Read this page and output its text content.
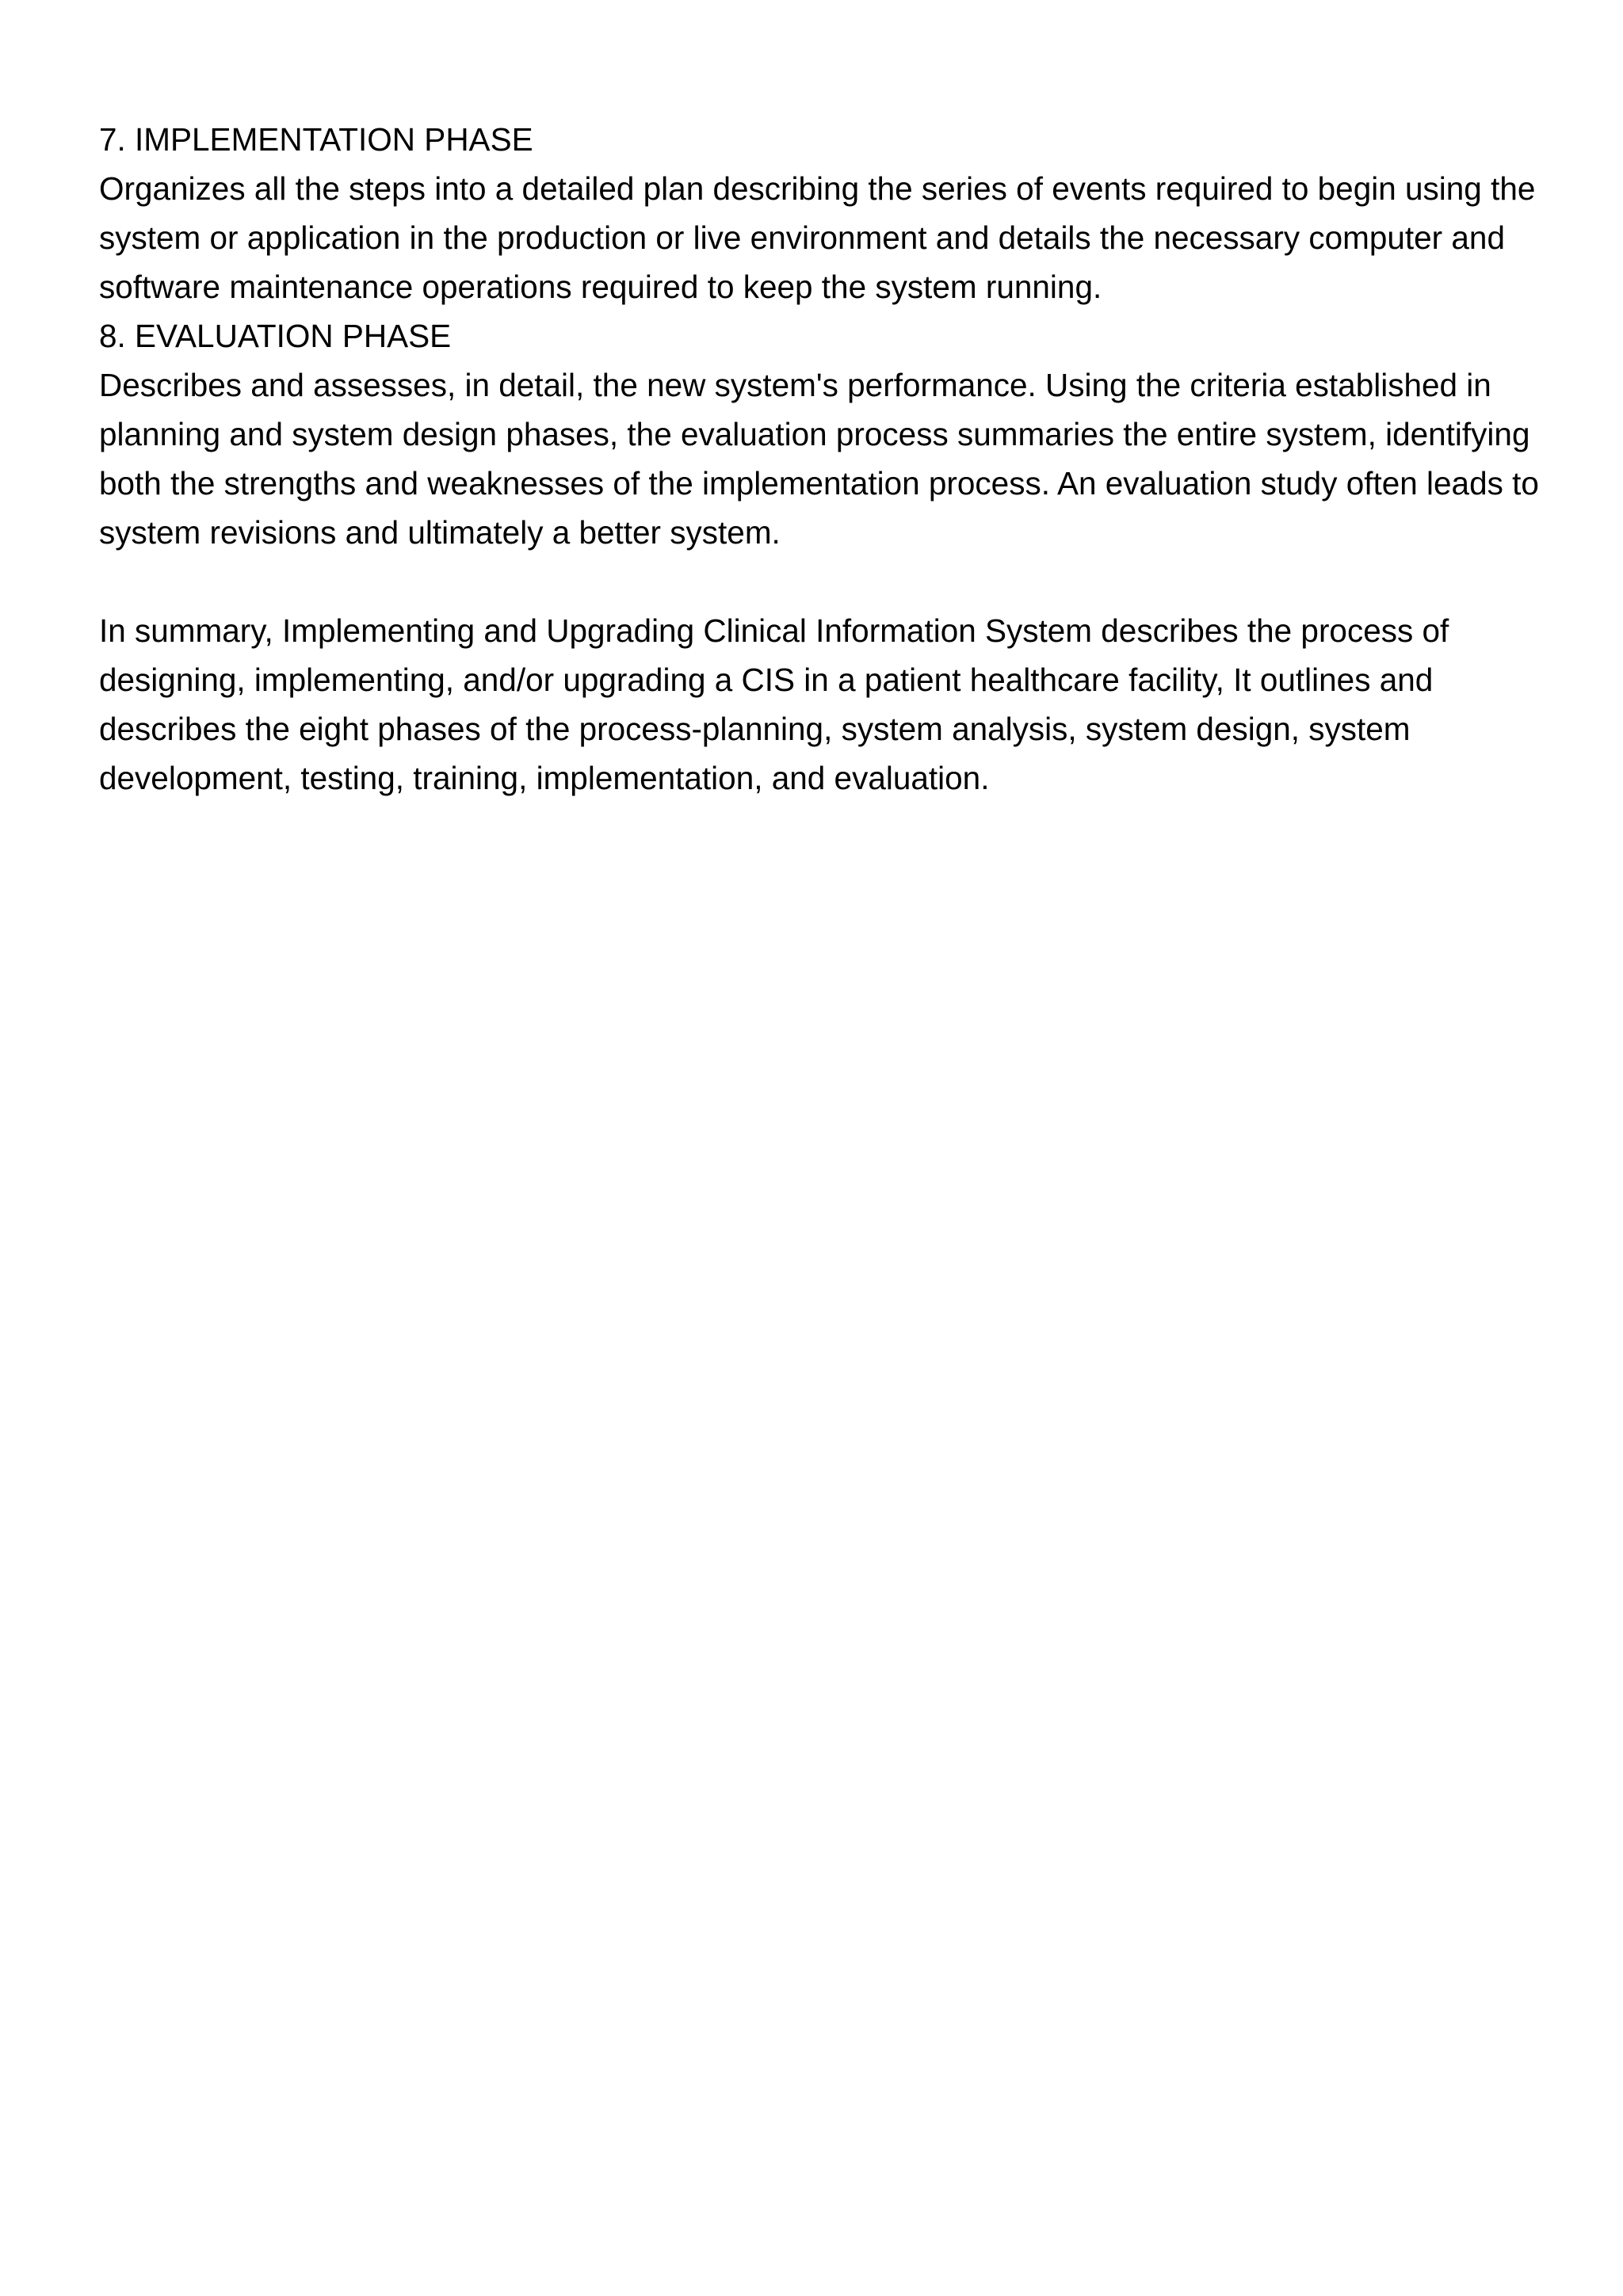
7. IMPLEMENTATION PHASE

Organizes all the steps into a detailed plan describing the series of events required to begin using the system or application in the production or live environment and details the necessary computer and software maintenance operations required to keep the system running.

8. EVALUATION PHASE

Describes and assesses, in detail, the new system's performance. Using the criteria established in planning and system design phases, the evaluation process summaries the entire system, identifying both the strengths and weaknesses of the implementation process. An evaluation study often leads to system revisions and ultimately a better system.

In summary, Implementing and Upgrading Clinical Information System describes the process of designing, implementing, and/or upgrading a CIS in a patient healthcare facility, It outlines and describes the eight phases of the process-planning, system analysis, system design, system development, testing, training, implementation, and evaluation.
